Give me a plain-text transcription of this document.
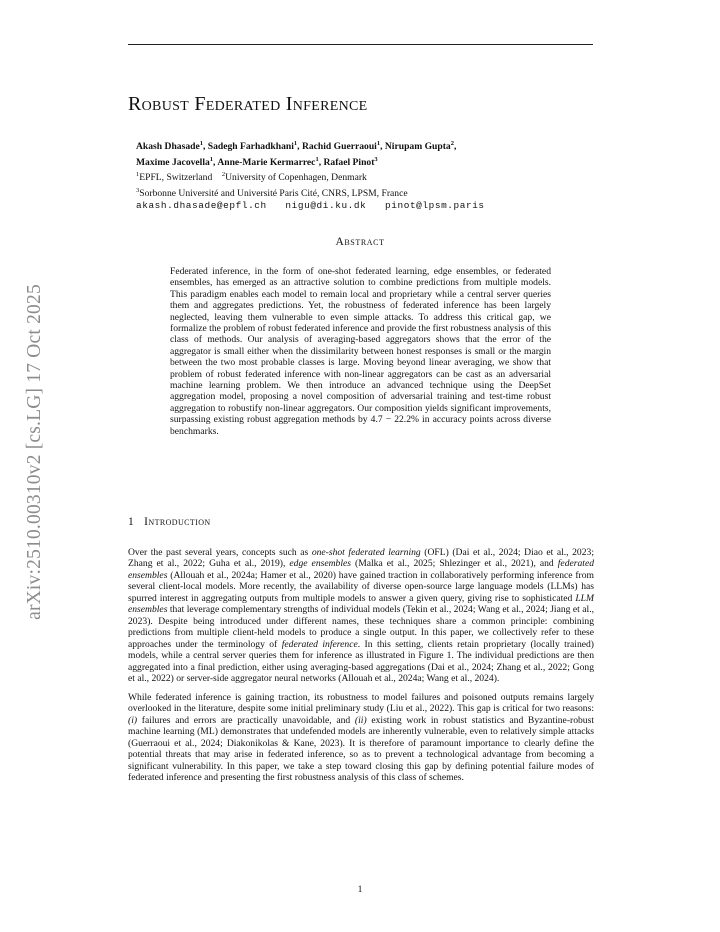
arXiv:2510.00310v2 [cs.LG] 17 Oct 2025
Robust Federated Inference
Akash Dhasade$^1$, Sadegh Farhadkhani$^1$, Rachid Guerraoui$^1$, Nirupam Gupta$^2$,
Maxime Jacovella$^1$, Anne-Marie Kermarrec$^1$, Rafael Pinot$^3$
$^1$EPFL, Switzerland $^2$University of Copenhagen, Denmark
$^3$Sorbonne Université and Université Paris Cité, CNRS, LPSM, France
akash.dhasade@epfl.ch   nigu@di.ku.dk   pinot@lpsm.paris
Abstract

Federated inference, in the form of one-shot federated learning, edge ensembles, or federated ensembles, has emerged as an attractive solution to combine predictions from multiple models. This paradigm enables each model to remain local and proprietary while a central server queries them and aggregates predictions. Yet, the robustness of federated inference has been largely neglected, leaving them vulnerable to even simple attacks. To address this critical gap, we formalize the problem of robust federated inference and provide the first robustness analysis of this class of methods. Our analysis of averaging-based aggregators shows that the error of the aggregator is small either when the dissimilarity between honest responses is small or the margin between the two most probable classes is large. Moving beyond linear averaging, we show that problem of robust federated inference with non-linear aggregators can be cast as an adversarial machine learning problem. We then introduce an advanced technique using the DeepSet aggregation model, proposing a novel composition of adversarial training and test-time robust aggregation to robustify non-linear aggregators. Our composition yields significant improvements, surpassing existing robust aggregation methods by 4.7 − 22.2% in accuracy points across diverse benchmarks.

1 Introduction

Over the past several years, concepts such as one-shot federated learning (OFL) (Dai et al., 2024; Diao et al., 2023; Zhang et al., 2022; Guha et al., 2019), edge ensembles (Malka et al., 2025; Shlezinger et al., 2021), and federated ensembles (Allouah et al., 2024a; Hamer et al., 2020) have gained traction in collaboratively performing inference from several client-local models. More recently, the availability of diverse open-source large language models (LLMs) has spurred interest in aggregating outputs from multiple models to answer a given query, giving rise to sophisticated LLM ensembles that leverage complementary strengths of individual models (Tekin et al., 2024; Wang et al., 2024; Jiang et al., 2023). Despite being introduced under different names, these techniques share a common principle: combining predictions from multiple client-held models to produce a single output. In this paper, we collectively refer to these approaches under the terminology of federated inference. In this setting, clients retain proprietary (locally trained) models, while a central server queries them for inference as illustrated in Figure 1. The individual predictions are then aggregated into a final prediction, either using averaging-based aggregations (Dai et al., 2024; Zhang et al., 2022; Gong et al., 2022) or server-side aggregator neural networks (Allouah et al., 2024a; Wang et al., 2024).

While federated inference is gaining traction, its robustness to model failures and poisoned outputs remains largely overlooked in the literature, despite some initial preliminary study (Liu et al., 2022). This gap is critical for two reasons: (i) failures and errors are practically unavoidable, and (ii) existing work in robust statistics and Byzantine-robust machine learning (ML) demonstrates that undefended models are inherently vulnerable, even to relatively simple attacks (Guerraoui et al., 2024; Diakonikolas & Kane, 2023). It is therefore of paramount importance to clearly define the potential threats that may arise in federated inference, so as to prevent a technological advantage from becoming a significant vulnerability. In this paper, we take a step toward closing this gap by defining potential failure modes of federated inference and presenting the first robustness analysis of this class of schemes.

1
